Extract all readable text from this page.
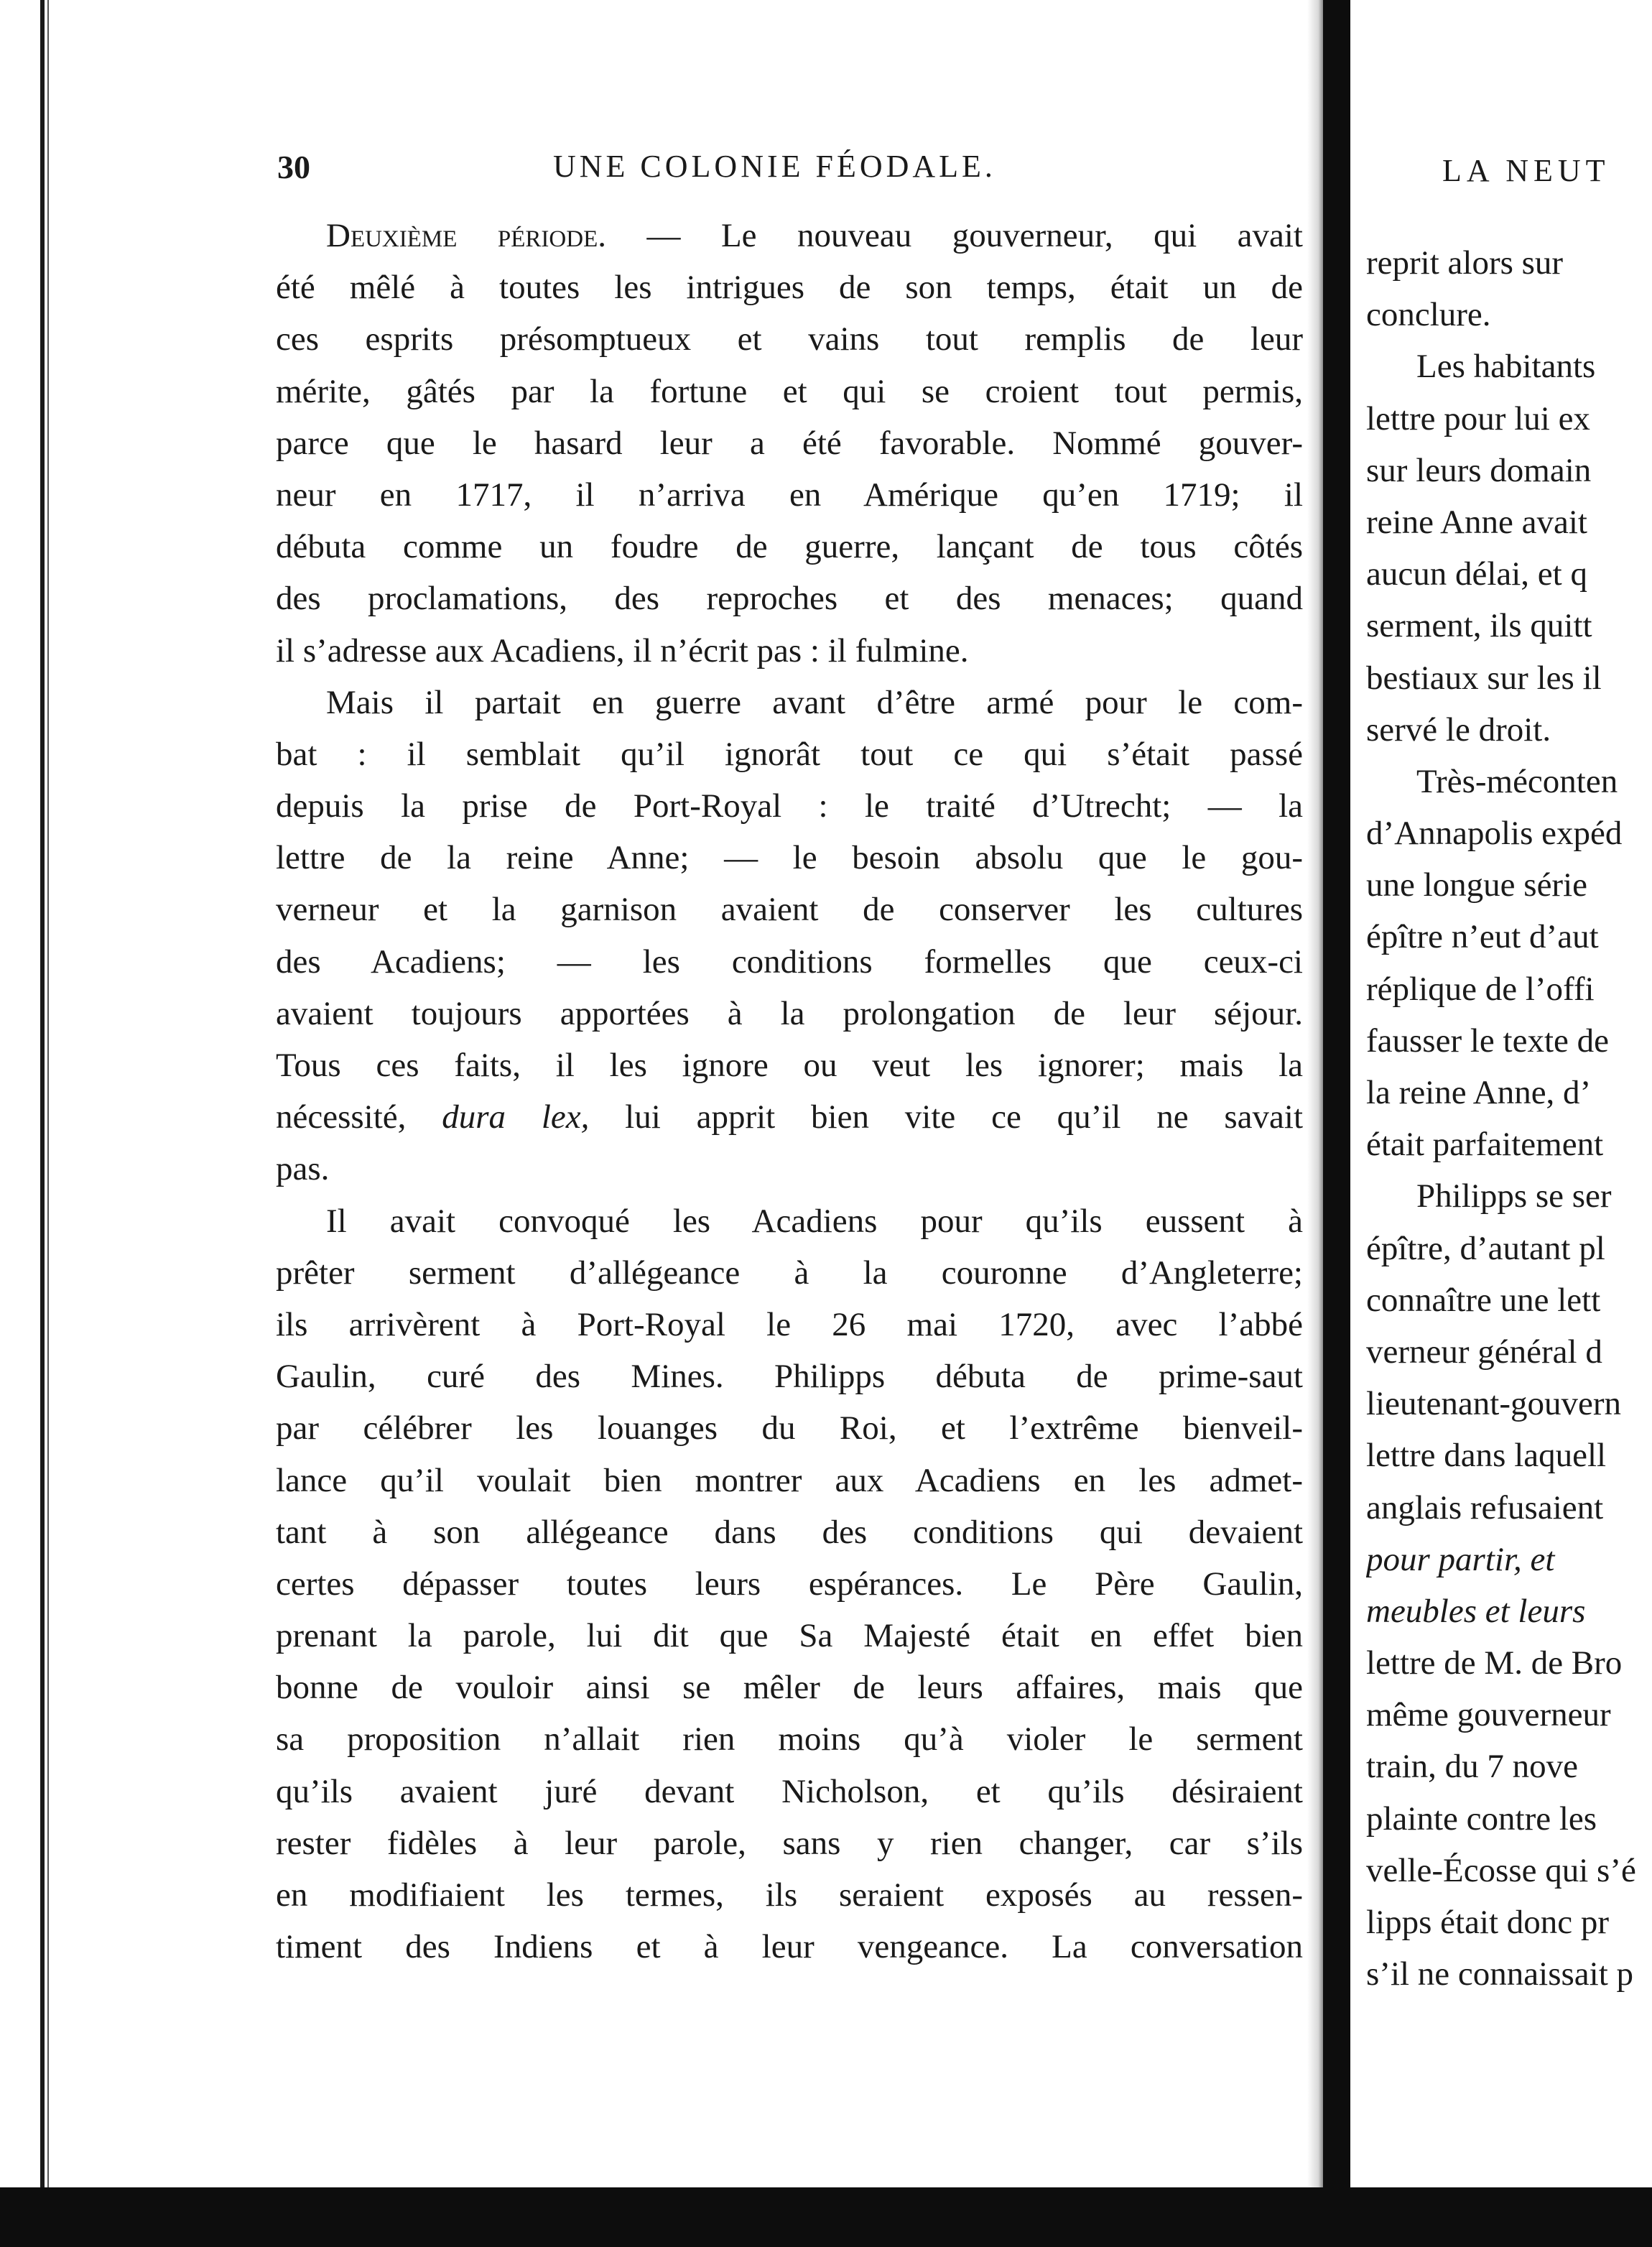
30	UNE COLONIE FÉODALE.
Deuxième période. — Le nouveau gouverneur, qui avait
été mêlé à toutes les intrigues de son temps, était un de
ces esprits présomptueux et vains tout remplis de leur
mérite, gâtés par la fortune et qui se croient tout permis,
parce que le hasard leur a été favorable. Nommé gouver-
neur en 1717, il n’arriva en Amérique qu’en 1719; il
débuta comme un foudre de guerre, lançant de tous côtés
des proclamations, des reproches et des menaces; quand
il s’adresse aux Acadiens, il n’écrit pas : il fulmine.
Mais il partait en guerre avant d’être armé pour le com-
bat : il semblait qu’il ignorât tout ce qui s’était passé
depuis la prise de Port-Royal : le traité d’Utrecht; — la
lettre de la reine Anne; — le besoin absolu que le gou-
verneur et la garnison avaient de conserver les cultures
des Acadiens; — les conditions formelles que ceux-ci
avaient toujours apportées à la prolongation de leur séjour.
Tous ces faits, il les ignore ou veut les ignorer; mais la
nécessité, dura lex, lui apprit bien vite ce qu’il ne savait
pas.
Il avait convoqué les Acadiens pour qu’ils eussent à
prêter serment d’allégeance à la couronne d’Angleterre;
ils arrivèrent à Port-Royal le 26 mai 1720, avec l’abbé
Gaulin, curé des Mines. Philipps débuta de prime-saut
par célébrer les louanges du Roi, et l’extrême bienveil-
lance qu’il voulait bien montrer aux Acadiens en les admet-
tant à son allégeance dans des conditions qui devaient
certes dépasser toutes leurs espérances. Le Père Gaulin,
prenant la parole, lui dit que Sa Majesté était en effet bien
bonne de vouloir ainsi se mêler de leurs affaires, mais que
sa proposition n’allait rien moins qu’à violer le serment
qu’ils avaient juré devant Nicholson, et qu’ils désiraient
rester fidèles à leur parole, sans y rien changer, car s’ils
en modifiaient les termes, ils seraient exposés au ressen-
timent des Indiens et à leur vengeance. La conversation
LA NEUT
reprit alors sur
conclure.
Les habitants
lettre pour lui ex
sur leurs domain
reine Anne avait
aucun délai, et q
serment, ils quitt
bestiaux sur les il
servé le droit.
Très-méconten
d’Annapolis expéd
une longue série
épître n’eut d’aut
réplique de l’offi
fausser le texte de
la reine Anne, d’
était parfaitement
Philipps se ser
épître, d’autant pl
connaître une lett
verneur général d
lieutenant-gouvern
lettre dans laquell
anglais refusaient
pour partir, et
meubles et leurs
lettre de M. de Bro
même gouverneur
train, du 7 nove
plainte contre les
velle-Écosse qui s’é
lipps était donc pr
s’il ne connaissait p
